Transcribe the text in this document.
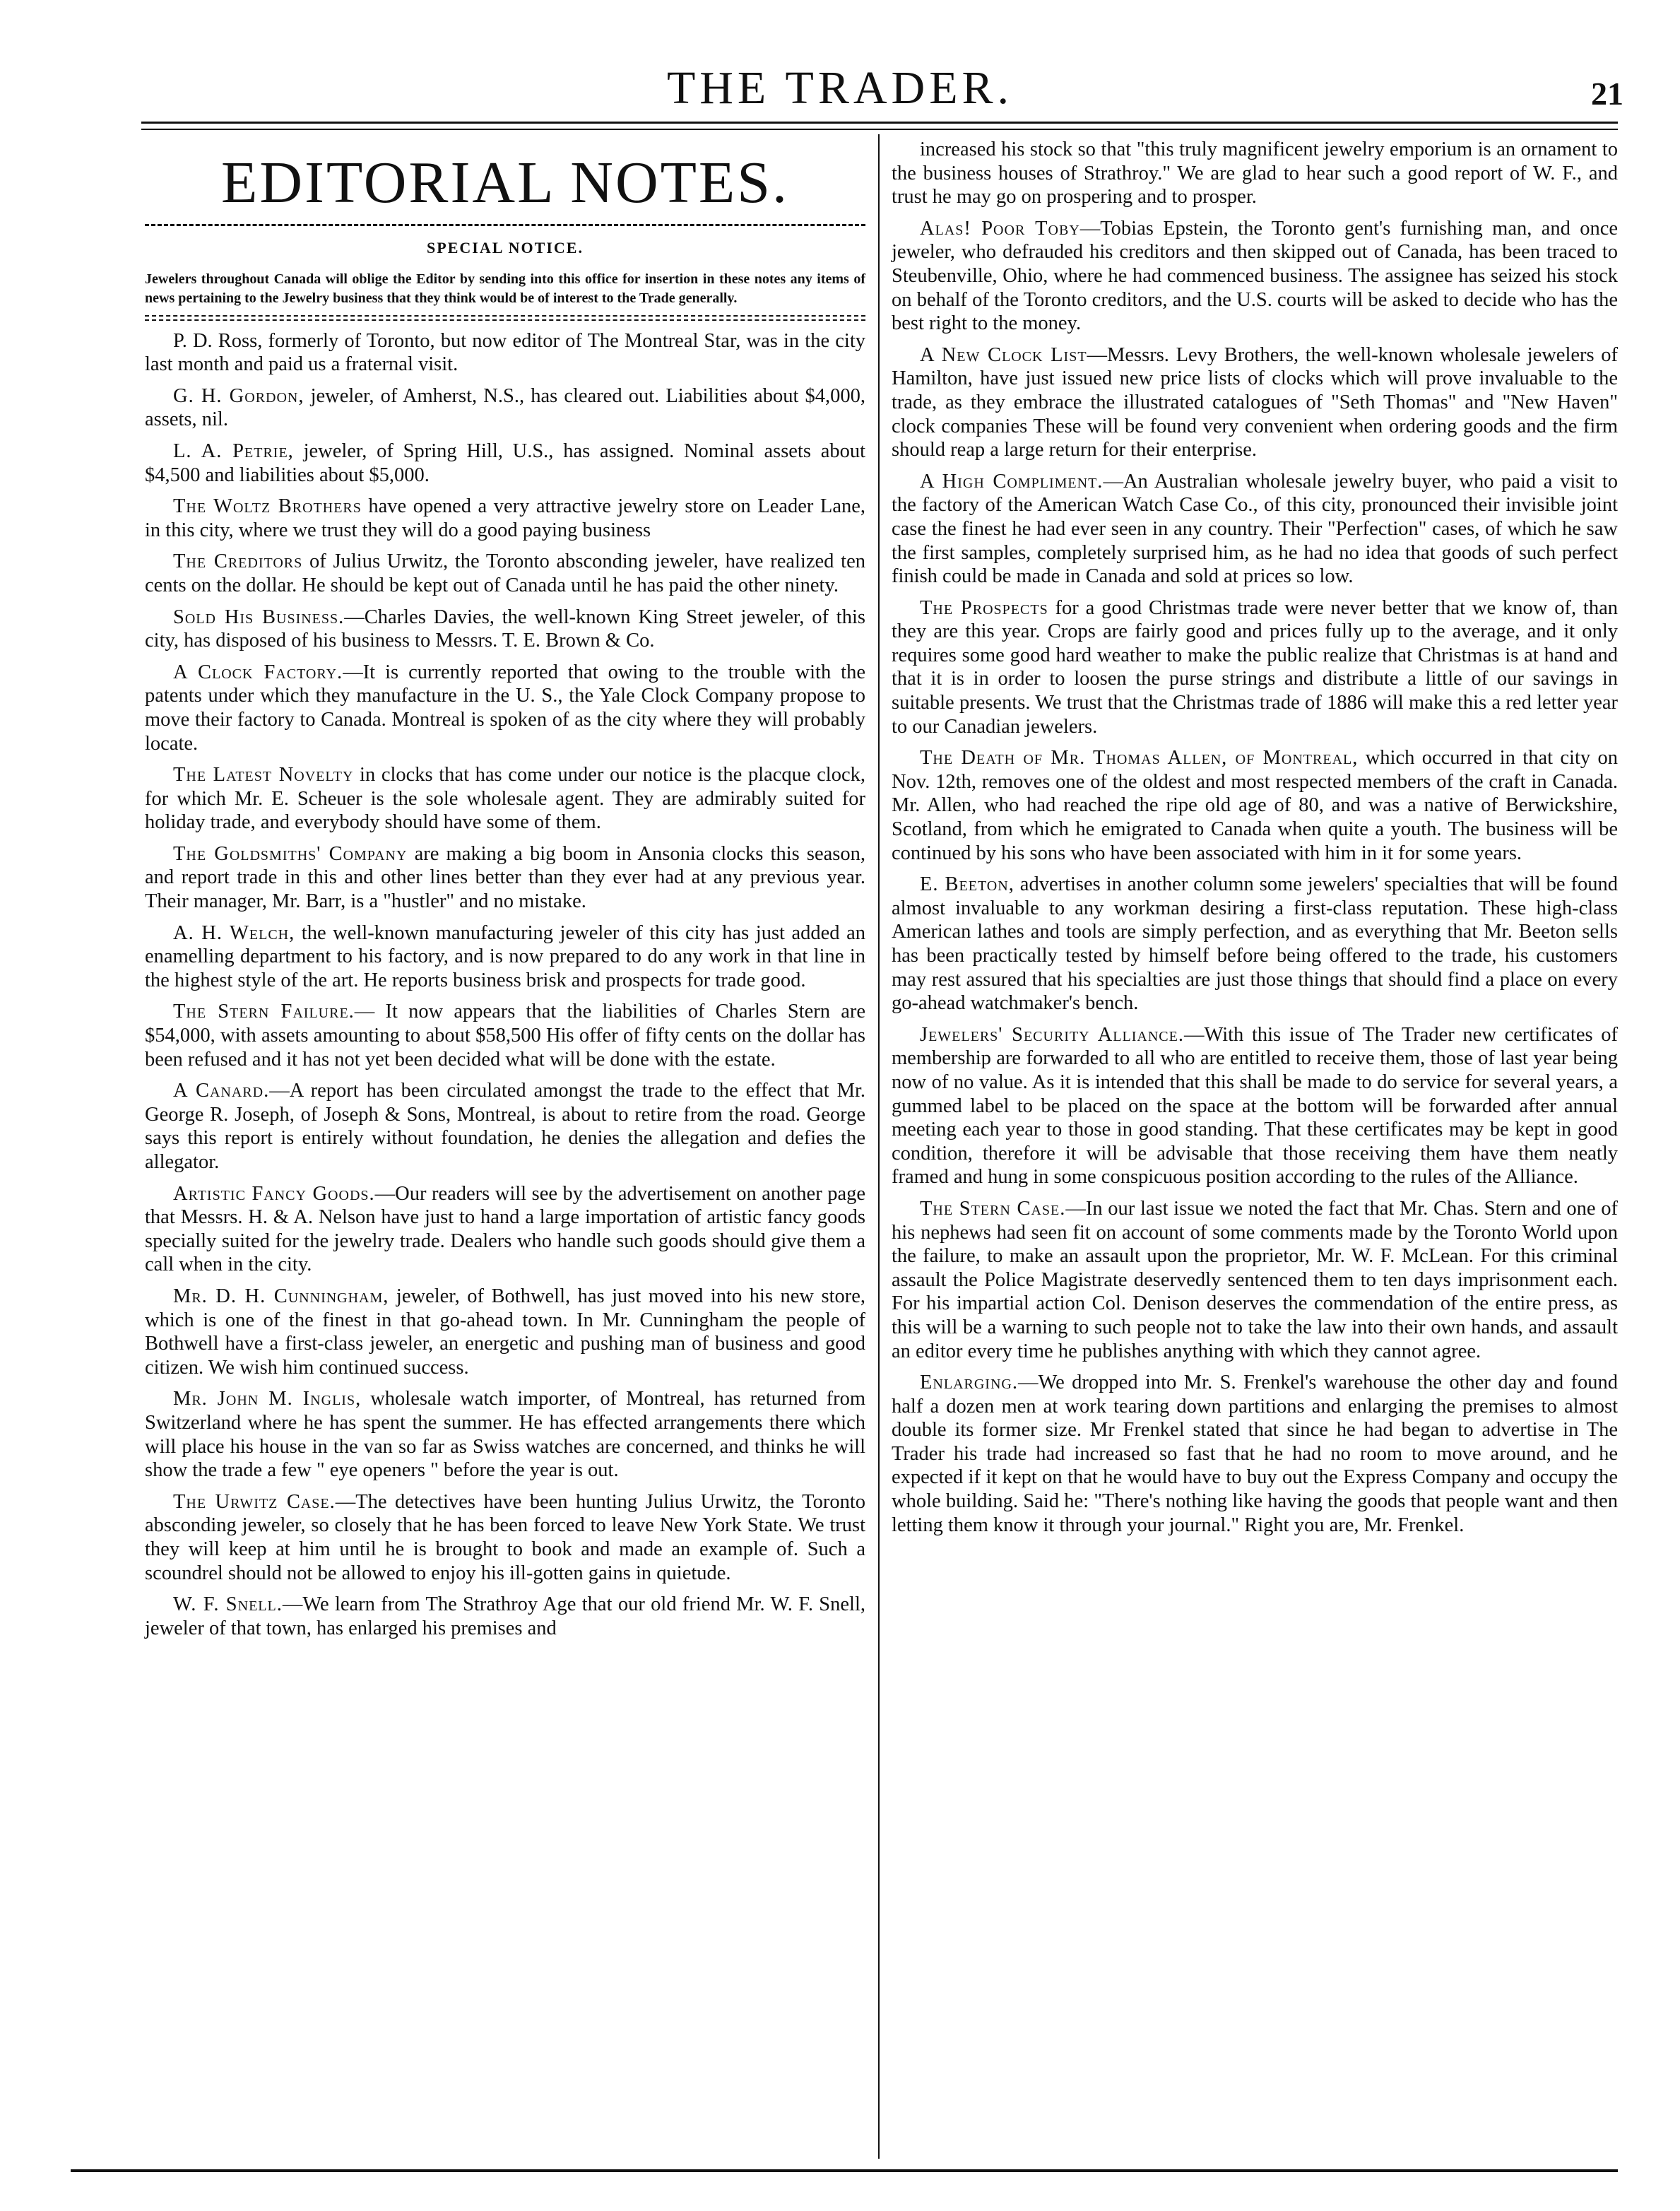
THE TRADER.	21
EDITORIAL NOTES.
SPECIAL NOTICE.
Jewelers throughout Canada will oblige the Editor by sending into this office for insertion in these notes any items of news pertaining to the Jewelry business that they think would be of interest to the Trade generally.

P. D. Ross, formerly of Toronto, but now editor of The Montreal Star, was in the city last month and paid us a fraternal visit.

G. H. Gordon, jeweler, of Amherst, N.S., has cleared out. Liabilities about $4,000, assets, nil.

L. A. Petrie, jeweler, of Spring Hill, U.S., has assigned. Nominal assets about $4,500 and liabilities about $5,000.

The Woltz Brothers have opened a very attractive jewelry store on Leader Lane, in this city, where we trust they will do a good paying business

The Creditors of Julius Urwitz, the Toronto absconding jeweler, have realized ten cents on the dollar. He should be kept out of Canada until he has paid the other ninety.

Sold His Business.—Charles Davies, the well-known King Street jeweler, of this city, has disposed of his business to Messrs. T. E. Brown & Co.

A Clock Factory.—It is currently reported that owing to the trouble with the patents under which they manufacture in the U. S., the Yale Clock Company propose to move their factory to Canada. Montreal is spoken of as the city where they will probably locate.

The Latest Novelty in clocks that has come under our notice is the placque clock, for which Mr. E. Scheuer is the sole wholesale agent. They are admirably suited for holiday trade, and everybody should have some of them.

The Goldsmiths' Company are making a big boom in Ansonia clocks this season, and report trade in this and other lines better than they ever had at any previous year. Their manager, Mr. Barr, is a "hustler" and no mistake.

A. H. Welch, the well-known manufacturing jeweler of this city has just added an enamelling department to his factory, and is now prepared to do any work in that line in the highest style of the art. He reports business brisk and prospects for trade good.

The Stern Failure.— It now appears that the liabilities of Charles Stern are $54,000, with assets amounting to about $58,500 His offer of fifty cents on the dollar has been refused and it has not yet been decided what will be done with the estate.

A Canard.—A report has been circulated amongst the trade to the effect that Mr. George R. Joseph, of Joseph & Sons, Montreal, is about to retire from the road. George says this report is entirely without foundation, he denies the allegation and defies the allegator.

Artistic Fancy Goods.—Our readers will see by the advertisement on another page that Messrs. H. & A. Nelson have just to hand a large importation of artistic fancy goods specially suited for the jewelry trade. Dealers who handle such goods should give them a call when in the city.

Mr. D. H. Cunningham, jeweler, of Bothwell, has just moved into his new store, which is one of the finest in that go-ahead town. In Mr. Cunningham the people of Bothwell have a first-class jeweler, an energetic and pushing man of business and good citizen. We wish him continued success.

Mr. John M. Inglis, wholesale watch importer, of Montreal, has returned from Switzerland where he has spent the summer. He has effected arrangements there which will place his house in the van so far as Swiss watches are concerned, and thinks he will show the trade a few " eye openers " before the year is out.

The Urwitz Case.—The detectives have been hunting Julius Urwitz, the Toronto absconding jeweler, so closely that he has been forced to leave New York State. We trust they will keep at him until he is brought to book and made an example of. Such a scoundrel should not be allowed to enjoy his ill-gotten gains in quietude.

W. F. Snell.—We learn from The Strathroy Age that our old friend Mr. W. F. Snell, jeweler of that town, has enlarged his premises and

increased his stock so that "this truly magnificent jewelry emporium is an ornament to the business houses of Strathroy." We are glad to hear such a good report of W. F., and trust he may go on prospering and to prosper.

Alas! Poor Toby—Tobias Epstein, the Toronto gent's furnishing man, and once jeweler, who defrauded his creditors and then skipped out of Canada, has been traced to Steubenville, Ohio, where he had commenced business. The assignee has seized his stock on behalf of the Toronto creditors, and the U.S. courts will be asked to decide who has the best right to the money.

A New Clock List—Messrs. Levy Brothers, the well-known wholesale jewelers of Hamilton, have just issued new price lists of clocks which will prove invaluable to the trade, as they embrace the illustrated catalogues of "Seth Thomas" and "New Haven" clock companies These will be found very convenient when ordering goods and the firm should reap a large return for their enterprise.

A High Compliment.—An Australian wholesale jewelry buyer, who paid a visit to the factory of the American Watch Case Co., of this city, pronounced their invisible joint case the finest he had ever seen in any country. Their "Perfection" cases, of which he saw the first samples, completely surprised him, as he had no idea that goods of such perfect finish could be made in Canada and sold at prices so low.

The Prospects for a good Christmas trade were never better that we know of, than they are this year. Crops are fairly good and prices fully up to the average, and it only requires some good hard weather to make the public realize that Christmas is at hand and that it is in order to loosen the purse strings and distribute a little of our savings in suitable presents. We trust that the Christmas trade of 1886 will make this a red letter year to our Canadian jewelers.

The Death of Mr. Thomas Allen, of Montreal, which occurred in that city on Nov. 12th, removes one of the oldest and most respected members of the craft in Canada. Mr. Allen, who had reached the ripe old age of 80, and was a native of Berwickshire, Scotland, from which he emigrated to Canada when quite a youth. The business will be continued by his sons who have been associated with him in it for some years.

E. Beeton, advertises in another column some jewelers' specialties that will be found almost invaluable to any workman desiring a first-class reputation. These high-class American lathes and tools are simply perfection, and as everything that Mr. Beeton sells has been practically tested by himself before being offered to the trade, his customers may rest assured that his specialties are just those things that should find a place on every go-ahead watchmaker's bench.

Jewelers' Security Alliance.—With this issue of The Trader new certificates of membership are forwarded to all who are entitled to receive them, those of last year being now of no value. As it is intended that this shall be made to do service for several years, a gummed label to be placed on the space at the bottom will be forwarded after annual meeting each year to those in good standing. That these certificates may be kept in good condition, therefore it will be advisable that those receiving them have them neatly framed and hung in some conspicuous position according to the rules of the Alliance.

The Stern Case.—In our last issue we noted the fact that Mr. Chas. Stern and one of his nephews had seen fit on account of some comments made by the Toronto World upon the failure, to make an assault upon the proprietor, Mr. W. F. McLean. For this criminal assault the Police Magistrate deservedly sentenced them to ten days imprisonment each. For his impartial action Col. Denison deserves the commendation of the entire press, as this will be a warning to such people not to take the law into their own hands, and assault an editor every time he publishes anything with which they cannot agree.

Enlarging.—We dropped into Mr. S. Frenkel's warehouse the other day and found half a dozen men at work tearing down partitions and enlarging the premises to almost double its former size. Mr Frenkel stated that since he had began to advertise in The Trader his trade had increased so fast that he had no room to move around, and he expected if it kept on that he would have to buy out the Express Company and occupy the whole building. Said he: "There's nothing like having the goods that people want and then letting them know it through your journal." Right you are, Mr. Frenkel.
